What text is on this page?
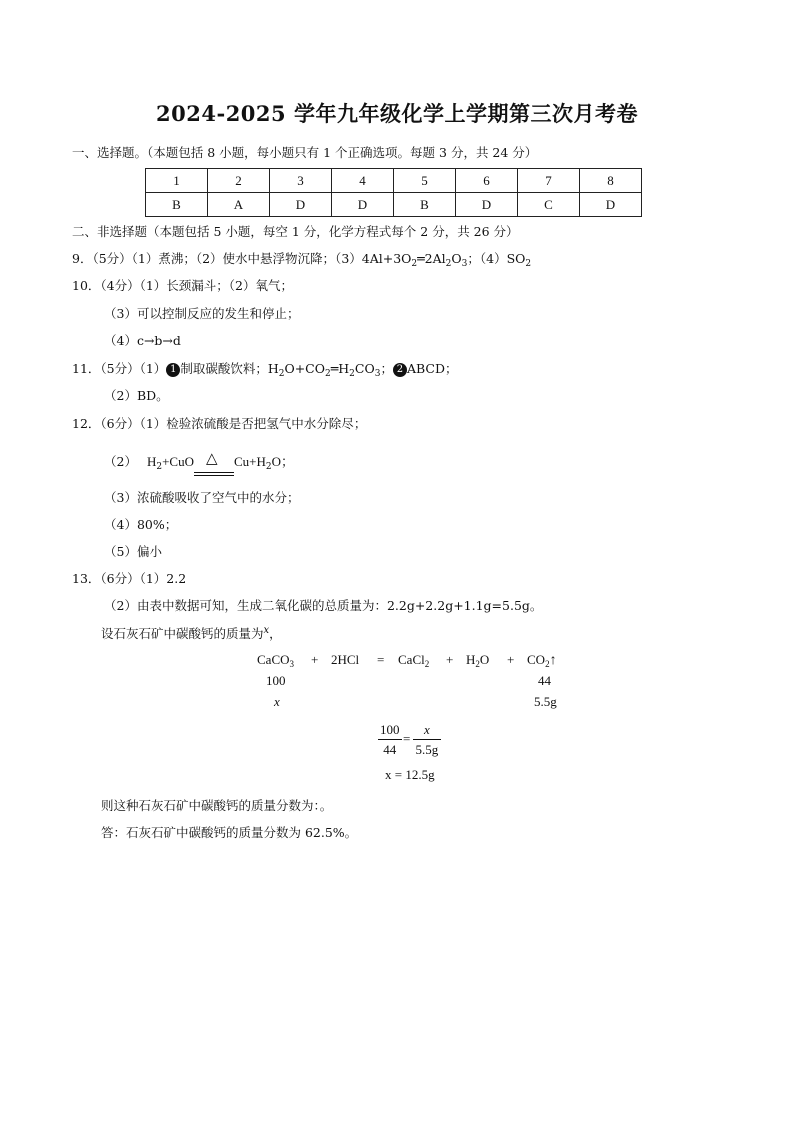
2024-2025 学年九年级化学上学期第三次月考卷
一、选择题。（本题包括 8 小题，每小题只有 1 个正确选项。每题 3 分，共 24 分）
1	2	3	4	5	6	7	8
B	A	D	D	B	D	C	D
二、非选择题（本题包括 5 小题，每空 1 分，化学方程式每个 2 分，共 26 分）
9．（5分）（1）煮沸；（2）使水中悬浮物沉降；$(3)4Al+3O_2═2Al_2O_3$；$(4)SO_2$
10．（4分）（1）长颈漏斗；（2）氧气；
（3）可以控制反应的发生和停止；
（4）c→b→d
11．（5分）（1） 1 制取碳酸饮料；$H_2O+CO_2═H_2CO_3$； 2 ABCD；
（2）BD。
12．（6分）（1）检验浓硫酸是否把氢气中水分除尽；
（2） $H_2+CuO$ △ $Cu+H_2O$；
（3）浓硫酸吸收了空气中的水分；
（4）80%；
（5）偏小
13．（6分）（1）2.2
（2）由表中数据可知，生成二氧化碳的总质量为：2.2g+2.2g+1.1g=5.5g。
设石灰石矿中碳酸钙的质量为$^x$，
CaCO$_3$ + 2HCl = CaCl$_2$ + $H_2O$ + $CO_2↑$
100	44
x	5.5g
$\frac{100}{44} = \frac{x}{5.5g}$
x = 12.5g
则这种石灰石矿中碳酸钙的质量分数为：。
答：石灰石矿中碳酸钙的质量分数为 62.5%。
